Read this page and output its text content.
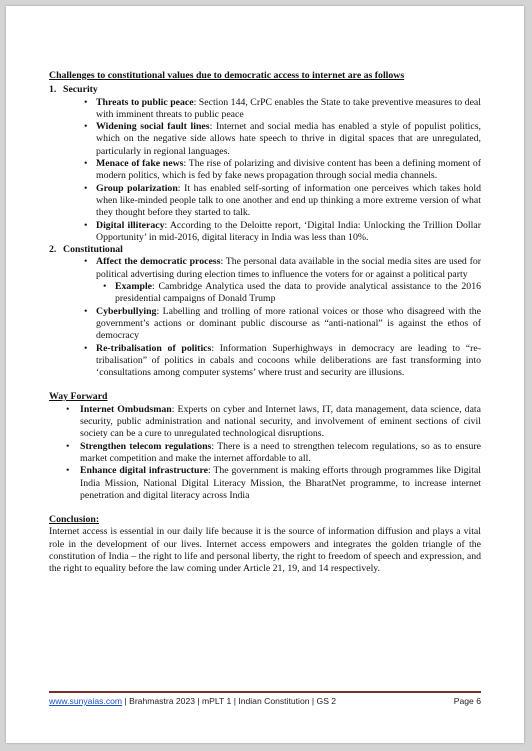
Challenges to constitutional values due to democratic access to internet are as follows
1. Security
• Threats to public peace: Section 144, CrPC enables the State to take preventive measures to deal with imminent threats to public peace
• Widening social fault lines: Internet and social media has enabled a style of populist politics, which on the negative side allows hate speech to thrive in digital spaces that are unregulated, particularly in regional languages.
• Menace of fake news: The rise of polarizing and divisive content has been a defining moment of modern politics, which is fed by fake news propagation through social media channels.
• Group polarization: It has enabled self-sorting of information one perceives which takes hold when like-minded people talk to one another and end up thinking a more extreme version of what they thought before they started to talk.
• Digital illiteracy: According to the Deloitte report, ‘Digital India: Unlocking the Trillion Dollar Opportunity’ in mid-2016, digital literacy in India was less than 10%.
2. Constitutional
• Affect the democratic process: The personal data available in the social media sites are used for political advertising during election times to influence the voters for or against a political party
• Example: Cambridge Analytica used the data to provide analytical assistance to the 2016 presidential campaigns of Donald Trump
• Cyberbullying: Labelling and trolling of more rational voices or those who disagreed with the government’s actions or dominant public discourse as “anti-national” is against the ethos of democracy
• Re-tribalisation of politics: Information Superhighways in democracy are leading to “re-tribalisation” of politics in cabals and cocoons while deliberations are fast transforming into ‘consultations among computer systems’ where trust and security are illusions.
Way Forward
• Internet Ombudsman: Experts on cyber and Internet laws, IT, data management, data science, data security, public administration and national security, and involvement of eminent sections of civil society can be a cure to unregulated technological disruptions.
• Strengthen telecom regulations: There is a need to strengthen telecom regulations, so as to ensure market competition and make the internet affordable to all.
• Enhance digital infrastructure: The government is making efforts through programmes like Digital India Mission, National Digital Literacy Mission, the BharatNet programme, to increase internet penetration and digital literacy across India
Conclusion:
Internet access is essential in our daily life because it is the source of information diffusion and plays a vital role in the development of our lives. Internet access empowers and integrates the golden triangle of the constitution of India – the right to life and personal liberty, the right to freedom of speech and expression, and the right to equality before the law coming under Article 21, 19, and 14 respectively.
www.sunyaias.com | Brahmastra 2023 | mPLT 1 | Indian Constitution | GS 2	Page 6
